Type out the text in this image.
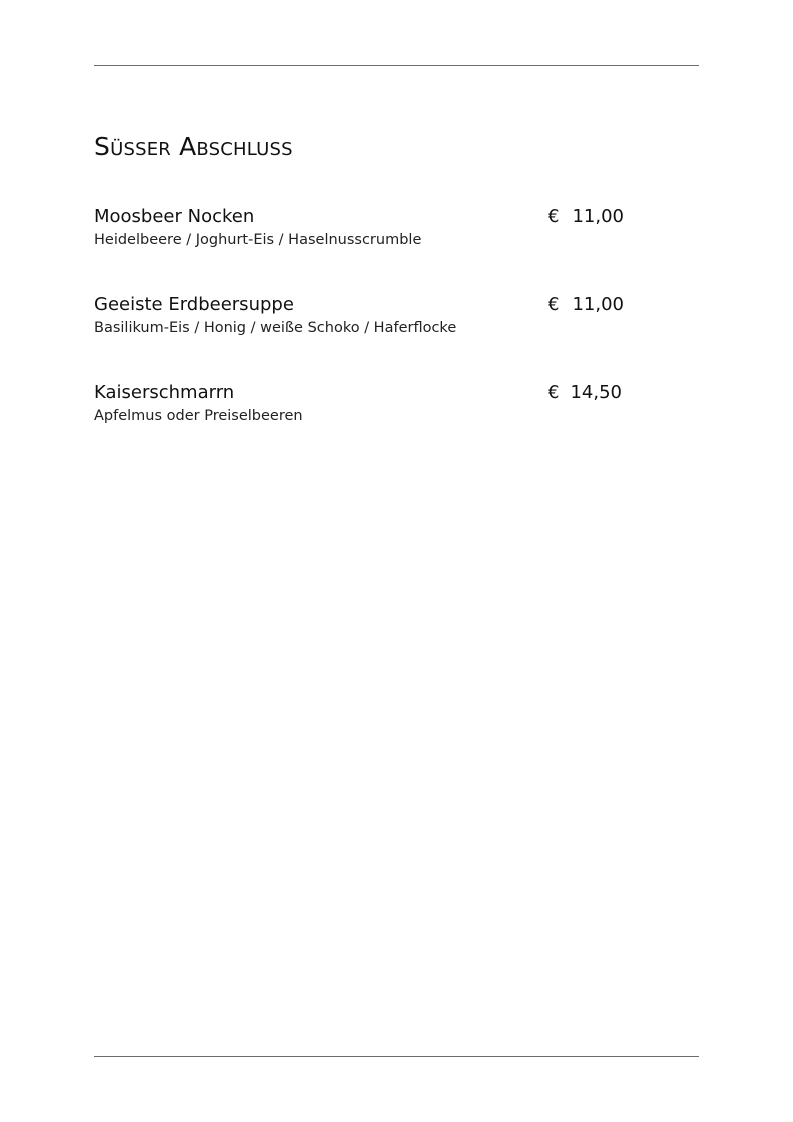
Süsser Abschluss
Moosbeer Nocken
Heidelbeere / Joghurt-Eis / Haselnusscrumble
€ 11,00
Geeiste Erdbeersuppe
Basilikum-Eis / Honig / weiße Schoko / Haferflocke
€ 11,00
Kaiserschmarrn
Apfelmus oder Preiselbeeren
€ 14,50
